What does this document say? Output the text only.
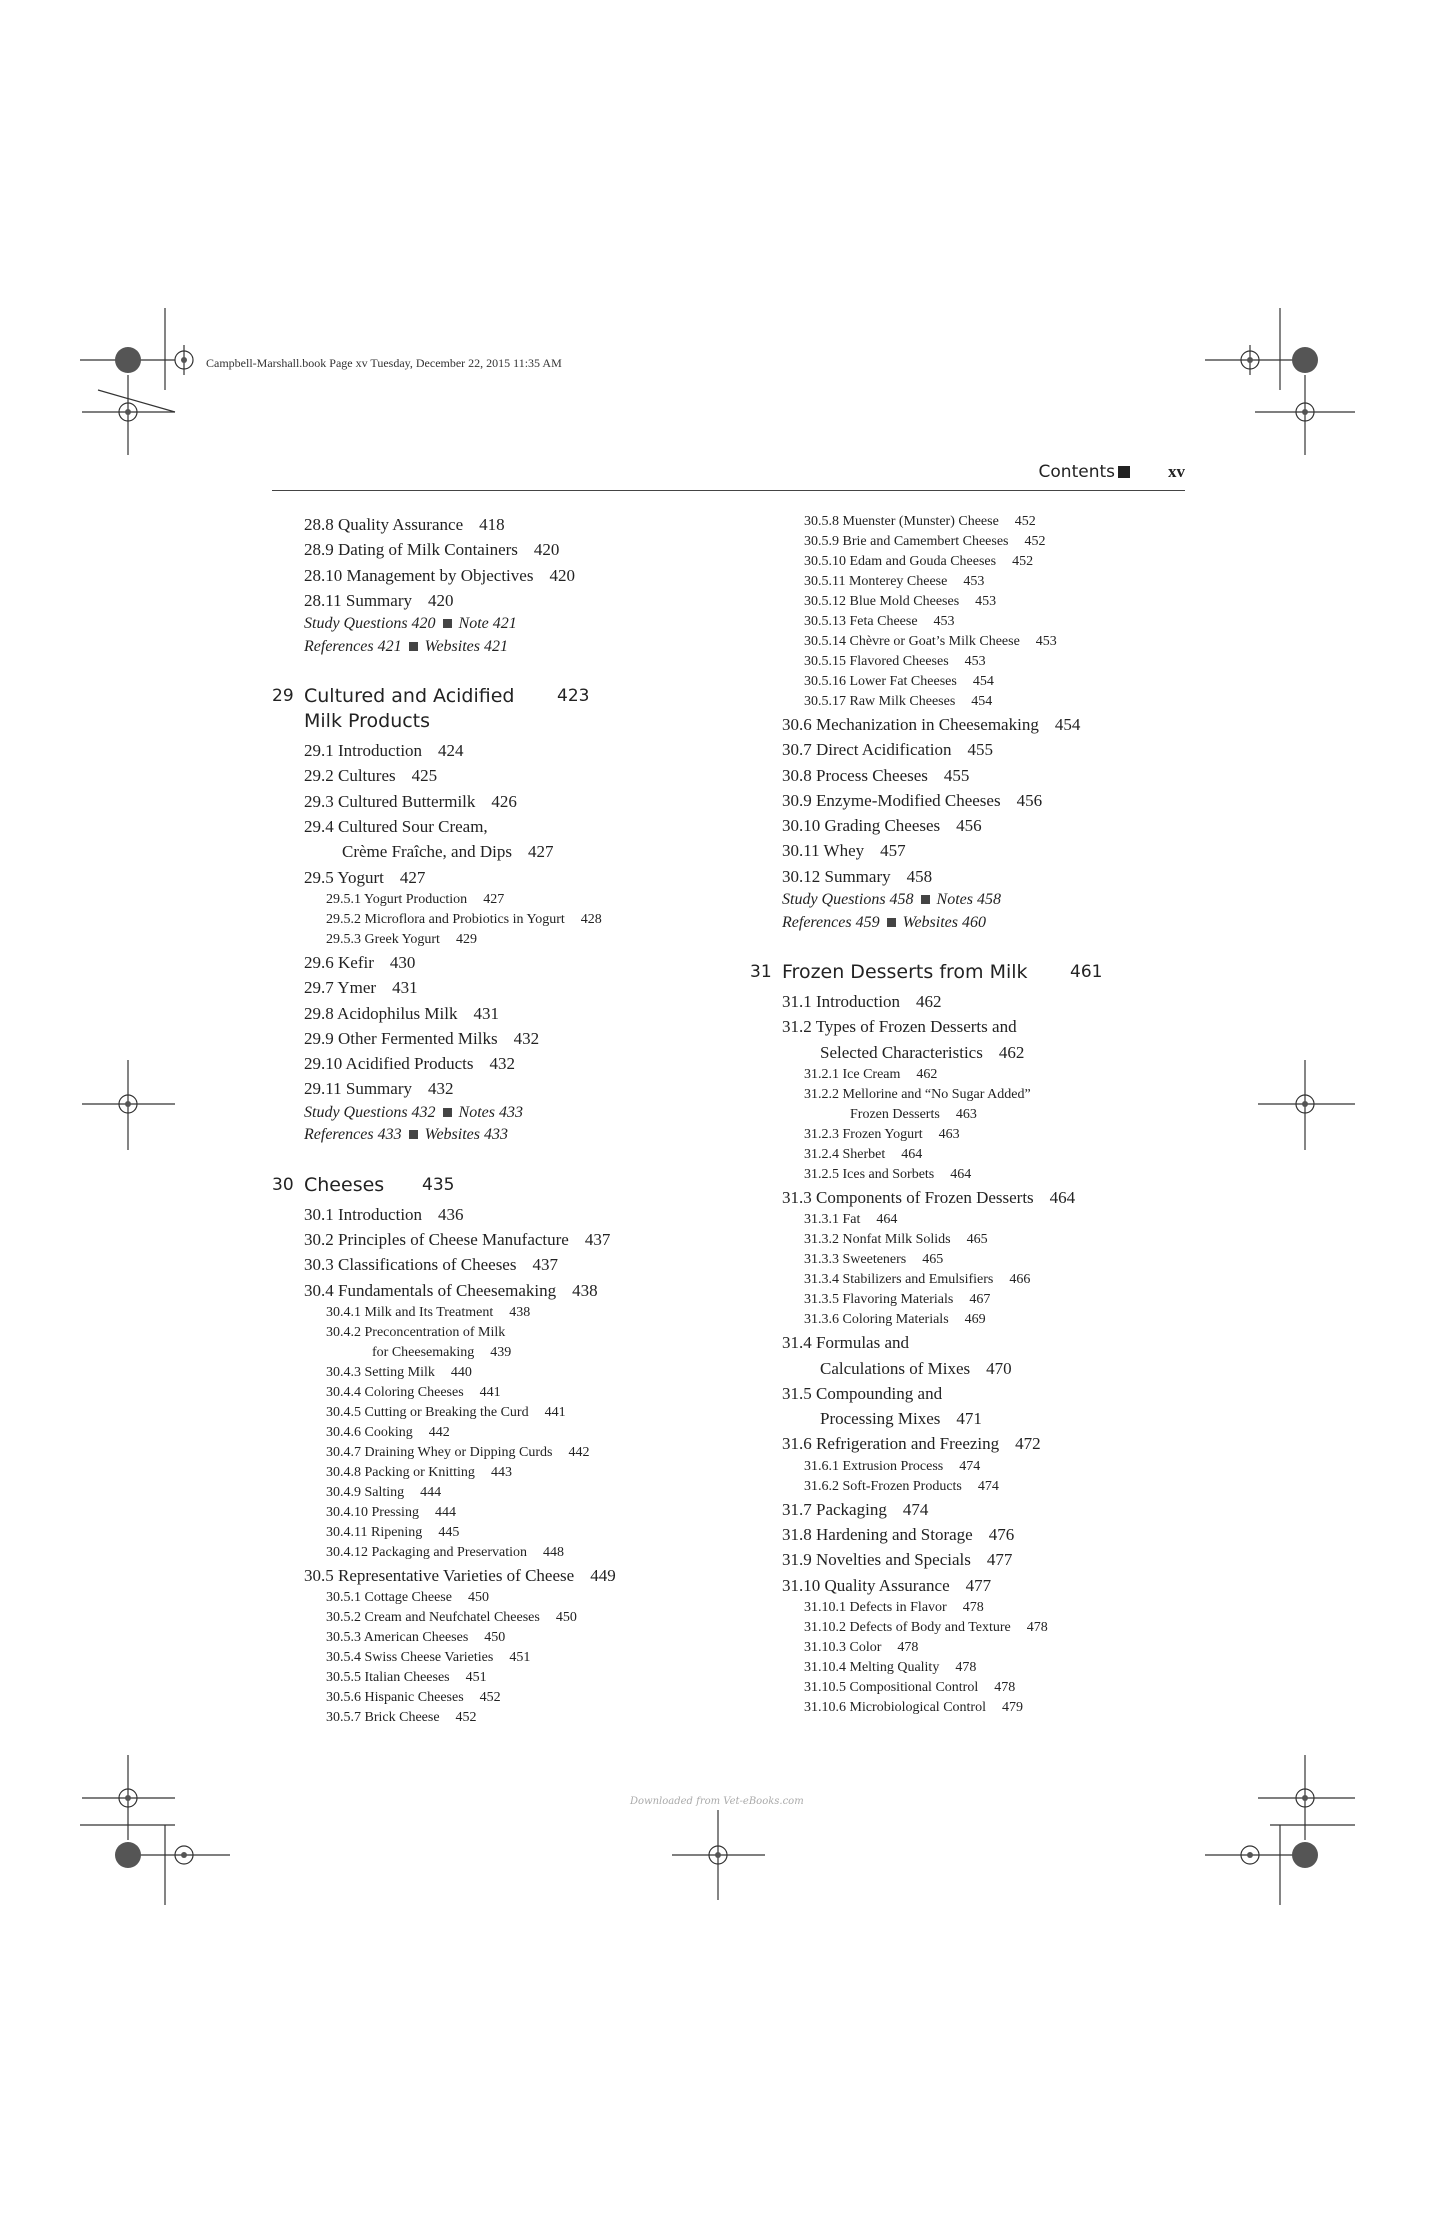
Campbell-Marshall.book Page xv Tuesday, December 22, 2015 11:35 AM
Contents	xv
28.8 Quality Assurance 418
28.9 Dating of Milk Containers 420
28.10 Management by Objectives 420
28.11 Summary 420
Study Questions 420 Note 421
References 421 Websites 421
29 Cultured and Acidified Milk Products
423
29.1 Introduction 424
29.2 Cultures 425
29.3 Cultured Buttermilk 426
29.4 Cultured Sour Cream,
Crème Fraîche, and Dips 427
29.5 Yogurt 427
29.5.1 Yogurt Production 427
29.5.2 Microflora and Probiotics in Yogurt 428
29.5.3 Greek Yogurt 429
29.6 Kefir 430
29.7 Ymer 431
29.8 Acidophilus Milk 431
29.9 Other Fermented Milks 432
29.10 Acidified Products 432
29.11 Summary 432
Study Questions 432 Notes 433
References 433 Websites 433
30 Cheeses 435
30.1 Introduction 436
30.2 Principles of Cheese Manufacture 437
30.3 Classifications of Cheeses 437
30.4 Fundamentals of Cheesemaking 438
30.4.1 Milk and Its Treatment 438
30.4.2 Preconcentration of Milk
for Cheesemaking 439
30.4.3 Setting Milk 440
30.4.4 Coloring Cheeses 441
30.4.5 Cutting or Breaking the Curd 441
30.4.6 Cooking 442
30.4.7 Draining Whey or Dipping Curds 442
30.4.8 Packing or Knitting 443
30.4.9 Salting 444
30.4.10 Pressing 444
30.4.11 Ripening 445
30.4.12 Packaging and Preservation 448
30.5 Representative Varieties of Cheese 449
30.5.1 Cottage Cheese 450
30.5.2 Cream and Neufchatel Cheeses 450
30.5.3 American Cheeses 450
30.5.4 Swiss Cheese Varieties 451
30.5.5 Italian Cheeses 451
30.5.6 Hispanic Cheeses 452
30.5.7 Brick Cheese 452
30.5.8 Muenster (Munster) Cheese 452
30.5.9 Brie and Camembert Cheeses 452
30.5.10 Edam and Gouda Cheeses 452
30.5.11 Monterey Cheese 453
30.5.12 Blue Mold Cheeses 453
30.5.13 Feta Cheese 453
30.5.14 Chèvre or Goat’s Milk Cheese 453
30.5.15 Flavored Cheeses 453
30.5.16 Lower Fat Cheeses 454
30.5.17 Raw Milk Cheeses 454
30.6 Mechanization in Cheesemaking 454
30.7 Direct Acidification 455
30.8 Process Cheeses 455
30.9 Enzyme-Modified Cheeses 456
30.10 Grading Cheeses 456
30.11 Whey 457
30.12 Summary 458
Study Questions 458 Notes 458
References 459 Websites 460
31 Frozen Desserts from Milk 461
31.1 Introduction 462
31.2 Types of Frozen Desserts and
Selected Characteristics 462
31.2.1 Ice Cream 462
31.2.2 Mellorine and “No Sugar Added”
Frozen Desserts 463
31.2.3 Frozen Yogurt 463
31.2.4 Sherbet 464
31.2.5 Ices and Sorbets 464
31.3 Components of Frozen Desserts 464
31.3.1 Fat 464
31.3.2 Nonfat Milk Solids 465
31.3.3 Sweeteners 465
31.3.4 Stabilizers and Emulsifiers 466
31.3.5 Flavoring Materials 467
31.3.6 Coloring Materials 469
31.4 Formulas and
Calculations of Mixes 470
31.5 Compounding and
Processing Mixes 471
31.6 Refrigeration and Freezing 472
31.6.1 Extrusion Process 474
31.6.2 Soft-Frozen Products 474
31.7 Packaging 474
31.8 Hardening and Storage 476
31.9 Novelties and Specials 477
31.10 Quality Assurance 477
31.10.1 Defects in Flavor 478
31.10.2 Defects of Body and Texture 478
31.10.3 Color 478
31.10.4 Melting Quality 478
31.10.5 Compositional Control 478
31.10.6 Microbiological Control 479
Downloaded from Vet-eBooks.com
